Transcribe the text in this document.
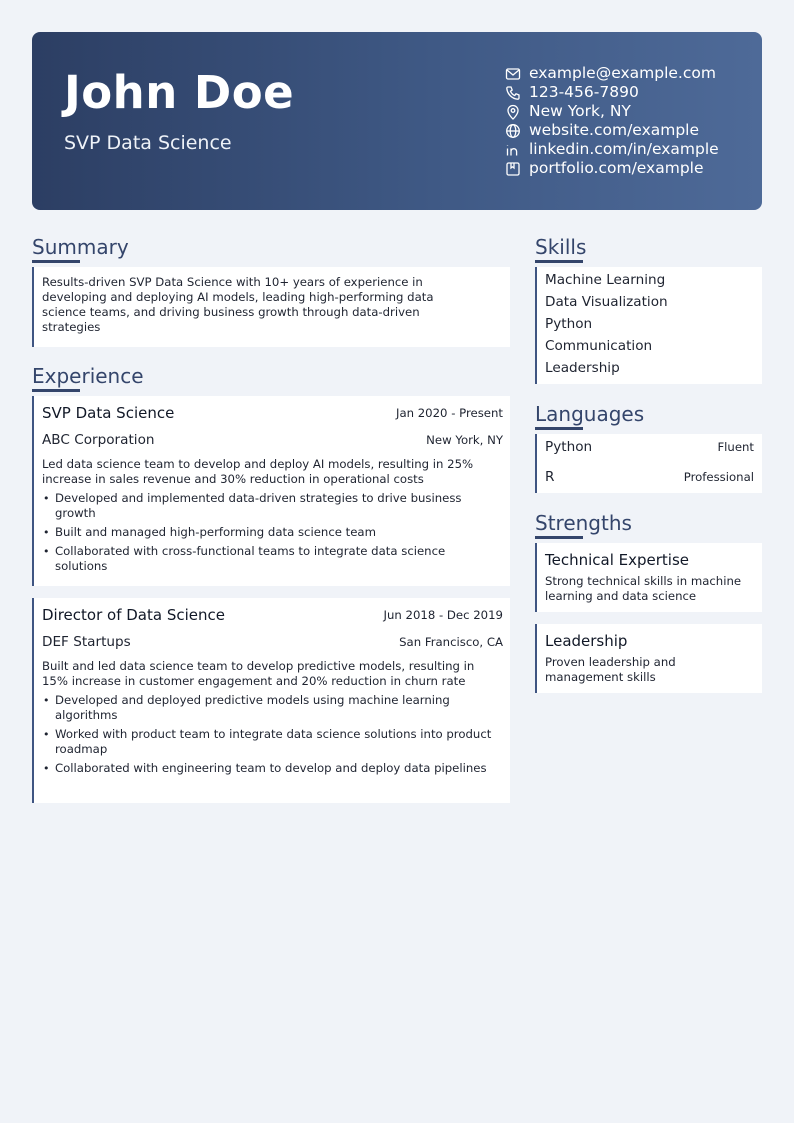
John Doe
SVP Data Science
example@example.com
123-456-7890
New York, NY
website.com/example
linkedin.com/in/example
portfolio.com/example
Summary
Results-driven SVP Data Science with 10+ years of experience in developing and deploying AI models, leading high-performing data science teams, and driving business growth through data-driven strategies
Experience
SVP Data Science	Jan 2020 - Present
ABC Corporation	New York, NY
Led data science team to develop and deploy AI models, resulting in 25% increase in sales revenue and 30% reduction in operational costs
• Developed and implemented data-driven strategies to drive business growth
• Built and managed high-performing data science team
• Collaborated with cross-functional teams to integrate data science solutions
Director of Data Science	Jun 2018 - Dec 2019
DEF Startups	San Francisco, CA
Built and led data science team to develop predictive models, resulting in 15% increase in customer engagement and 20% reduction in churn rate
• Developed and deployed predictive models using machine learning algorithms
• Worked with product team to integrate data science solutions into product roadmap
• Collaborated with engineering team to develop and deploy data pipelines
Skills
Machine Learning
Data Visualization
Python
Communication
Leadership
Languages
Python	Fluent
R	Professional
Strengths
Technical Expertise
Strong technical skills in machine learning and data science
Leadership
Proven leadership and management skills
